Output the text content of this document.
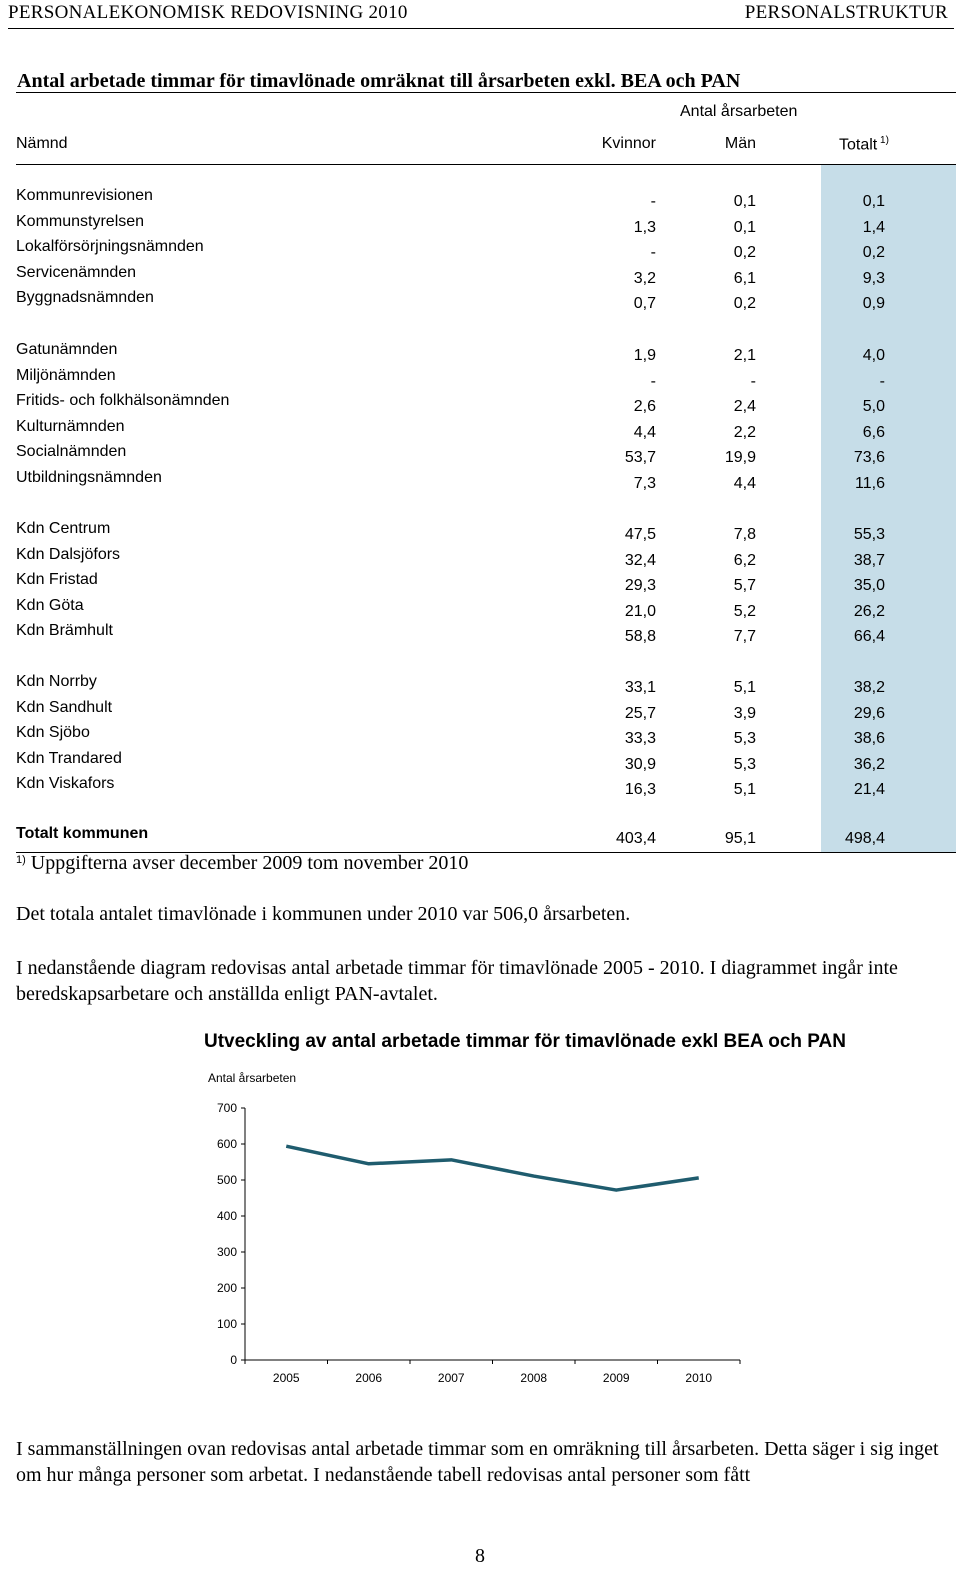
PERSONALEKONOMISK REDOVISNING 2010	PERSONALSTRUKTUR
Antal arbetade timmar för timavlönade omräknat till årsarbeten exkl. BEA och PAN
Antal årsarbeten
Nämnd	Kvinnor	Män	Totalt $^{1)}$
Kommunrevisionen	-	0,1	0,1
Kommunstyrelsen	1,3	0,1	1,4
Lokalförsörjningsnämnden	-	0,2	0,2
Servicenämnden	3,2	6,1	9,3
Byggnadsnämnden	0,7	0,2	0,9
Gatunämnden	1,9	2,1	4,0
Miljönämnden	-	-	-
Fritids- och folkhälsonämnden	2,6	2,4	5,0
Kulturnämnden	4,4	2,2	6,6
Socialnämnden	53,7	19,9	73,6
Utbildningsnämnden	7,3	4,4	11,6
Kdn Centrum	47,5	7,8	55,3
Kdn Dalsjöfors	32,4	6,2	38,7
Kdn Fristad	29,3	5,7	35,0
Kdn Göta	21,0	5,2	26,2
Kdn Brämhult	58,8	7,7	66,4
Kdn Norrby	33,1	5,1	38,2
Kdn Sandhult	25,7	3,9	29,6
Kdn Sjöbo	33,3	5,3	38,6
Kdn Trandared	30,9	5,3	36,2
Kdn Viskafors	16,3	5,1	21,4
Totalt kommunen	403,4	95,1	498,4
$^{1)}$ Uppgifterna avser december 2009 tom november 2010
Det totala antalet timavlönade i kommunen under 2010 var 506,0 årsarbeten.
I nedanstående diagram redovisas antal arbetade timmar för timavlönade 2005 - 2010. I diagrammet ingår inte beredskapsarbetare och anställda enligt PAN-avtalet.
Utveckling av antal arbetade timmar för timavlönade exkl BEA och PAN
Antal årsarbeten
0
100
200
300
400
500
600
700
2005	2006	2007	2008	2009	2010
I sammanställningen ovan redovisas antal arbetade timmar som en omräkning till årsarbeten. Detta säger i sig inget om hur många personer som arbetat. I nedanstående tabell redovisas antal personer som fått
8
